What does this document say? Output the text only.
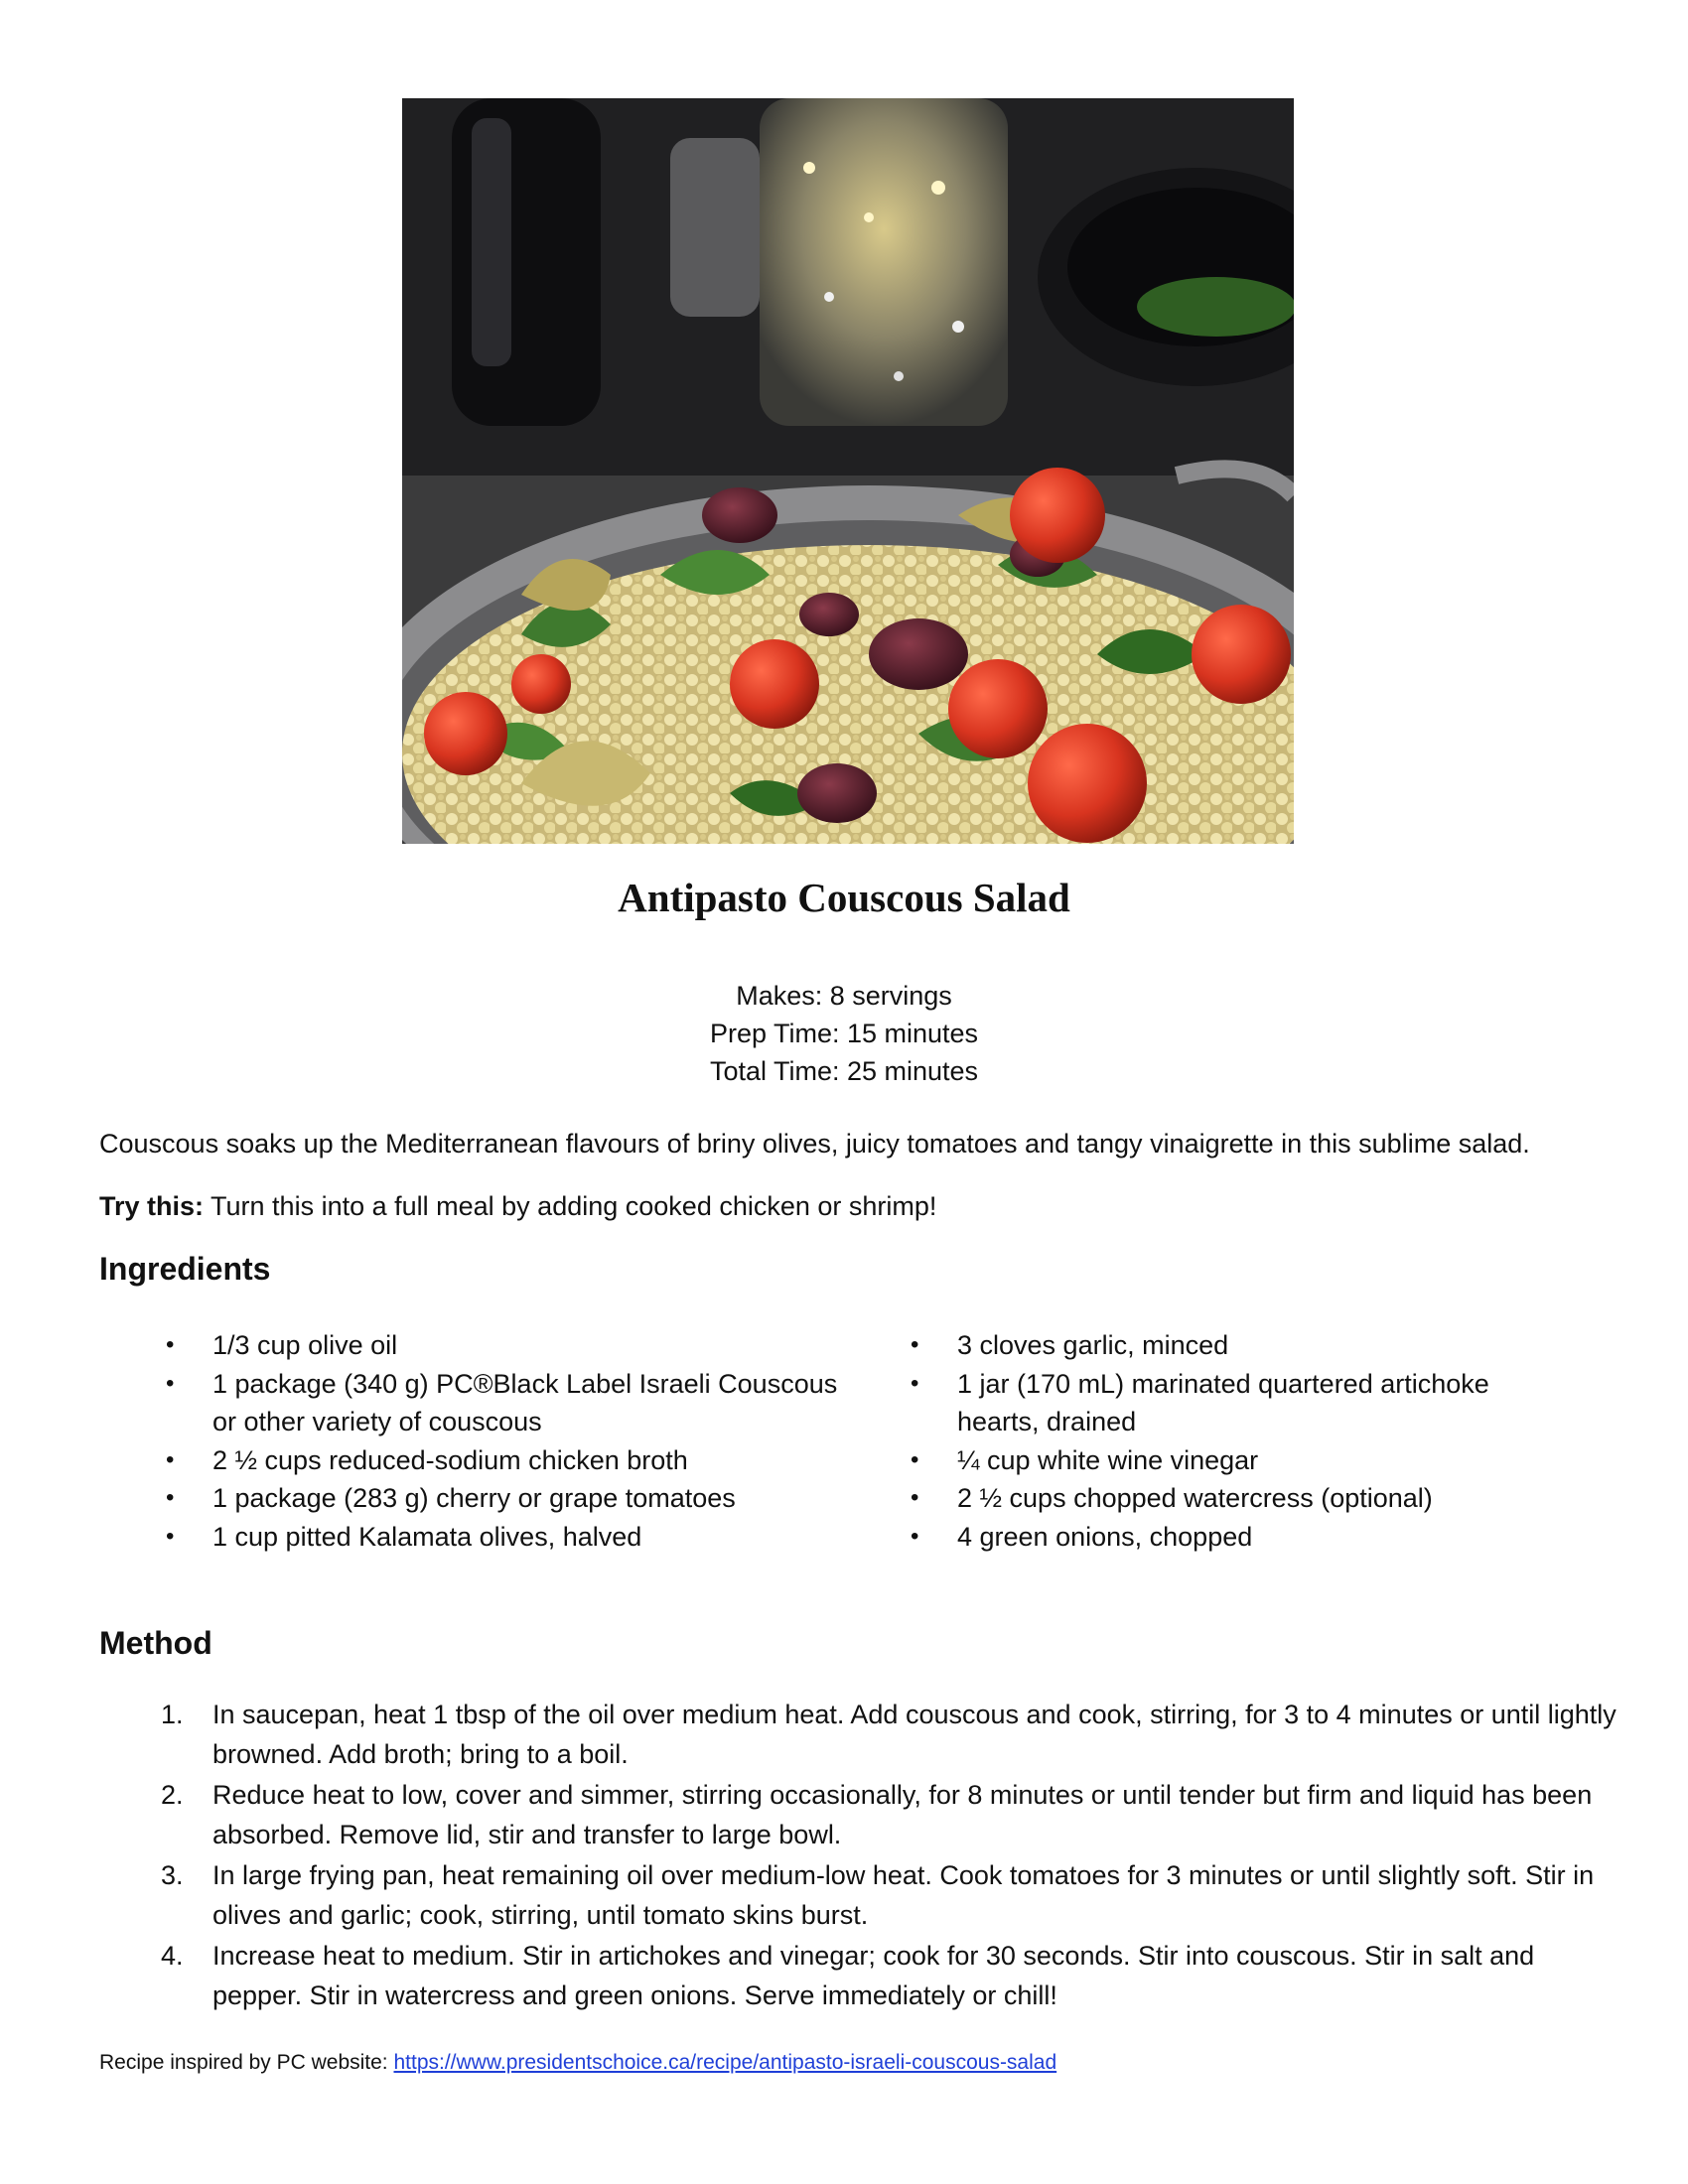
Antipasto Couscous Salad
Makes: 8 servings
Prep Time: 15 minutes
Total Time: 25 minutes
Couscous soaks up the Mediterranean flavours of briny olives, juicy tomatoes and tangy vinaigrette in this sublime salad.
Try this: Turn this into a full meal by adding cooked chicken or shrimp!
Ingredients
• 1/3 cup olive oil
• 1 package (340 g) PC®Black Label Israeli Couscous or other variety of couscous
• 2 ½ cups reduced-sodium chicken broth
• 1 package (283 g) cherry or grape tomatoes
• 1 cup pitted Kalamata olives, halved
• 3 cloves garlic, minced
• 1 jar (170 mL) marinated quartered artichoke hearts, drained
• ¼ cup white wine vinegar
• 2 ½ cups chopped watercress (optional)
• 4 green onions, chopped
Method
1. In saucepan, heat 1 tbsp of the oil over medium heat. Add couscous and cook, stirring, for 3 to 4 minutes or until lightly browned. Add broth; bring to a boil.
2. Reduce heat to low, cover and simmer, stirring occasionally, for 8 minutes or until tender but firm and liquid has been absorbed. Remove lid, stir and transfer to large bowl.
3. In large frying pan, heat remaining oil over medium-low heat. Cook tomatoes for 3 minutes or until slightly soft. Stir in olives and garlic; cook, stirring, until tomato skins burst.
4. Increase heat to medium. Stir in artichokes and vinegar; cook for 30 seconds. Stir into couscous. Stir in salt and pepper. Stir in watercress and green onions. Serve immediately or chill!
Recipe inspired by PC website: https://www.presidentschoice.ca/recipe/antipasto-israeli-couscous-salad
